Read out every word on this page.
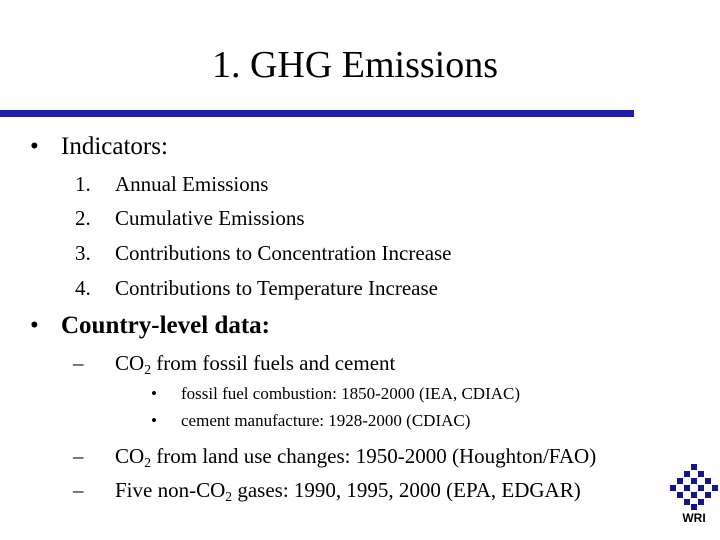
1. GHG Emissions
• Indicators:
1. Annual Emissions
2. Cumulative Emissions
3. Contributions to Concentration Increase
4. Contributions to Temperature Increase
• Country-level data:
– $CO_2$ from fossil fuels and cement
• fossil fuel combustion: 1850-2000 (IEA, CDIAC)
• cement manufacture: 1928-2000 (CDIAC)
– $CO_2$ from land use changes: 1950-2000 (Houghton/FAO)
– Five non-$CO_2$ gases: 1990, 1995, 2000 (EPA, EDGAR)
WRI
